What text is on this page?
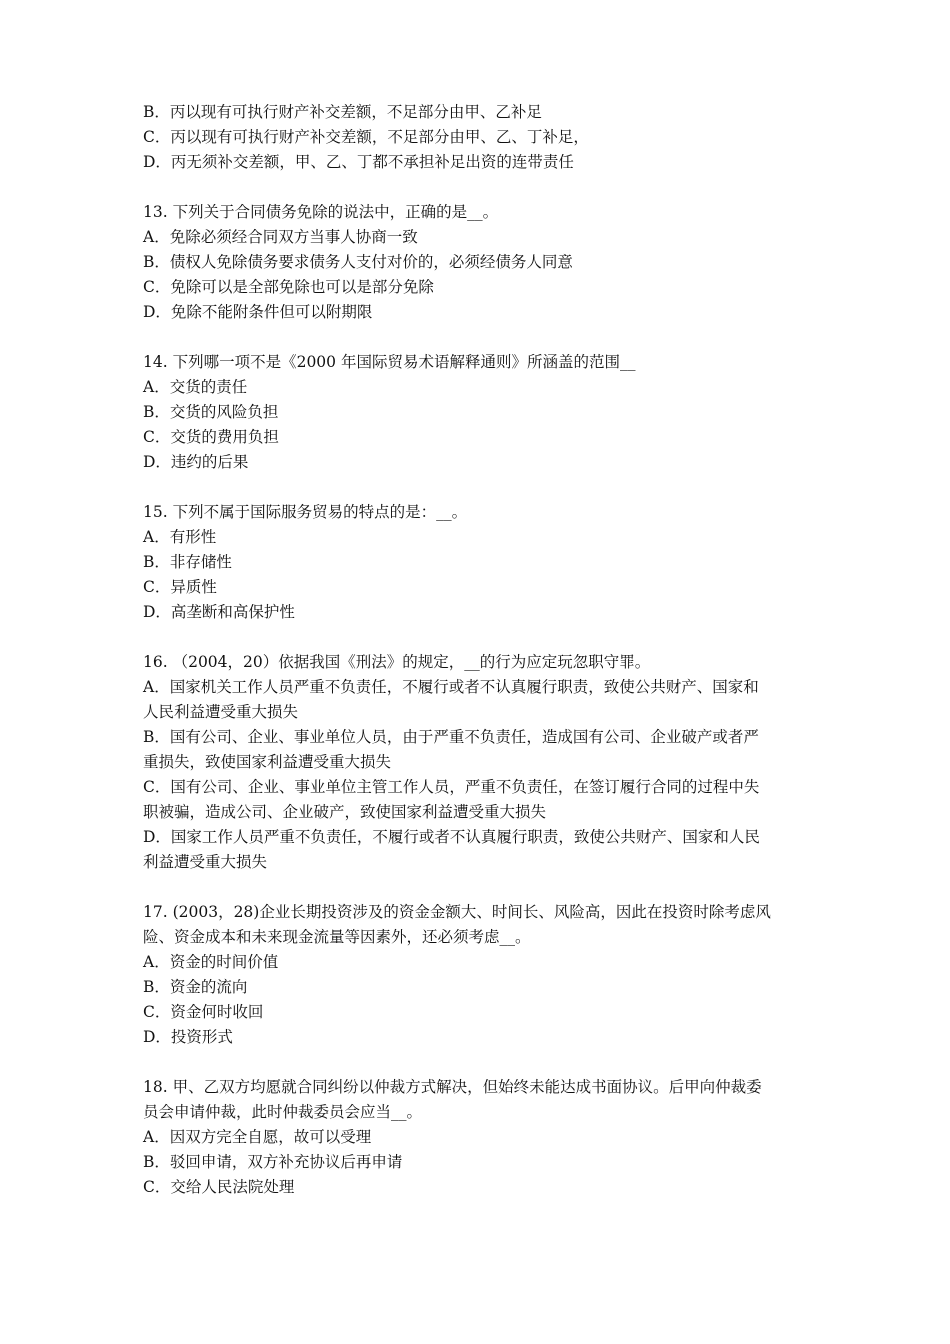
B．丙以现有可执行财产补交差额，不足部分由甲、乙补足
C．丙以现有可执行财产补交差额，不足部分由甲、乙、丁补足，
D．丙无须补交差额，甲、乙、丁都不承担补足出资的连带责任
13. 下列关于合同债务免除的说法中，正确的是__。
A．免除必须经合同双方当事人协商一致
B．债权人免除债务要求债务人支付对价的，必须经债务人同意
C．免除可以是全部免除也可以是部分免除
D．免除不能附条件但可以附期限
14. 下列哪一项不是《2000 年国际贸易术语解释通则》所涵盖的范围__
A．交货的责任
B．交货的风险负担
C．交货的费用负担
D．违约的后果
15. 下列不属于国际服务贸易的特点的是：__。
A．有形性
B．非存储性
C．异质性
D．高垄断和高保护性
16. （2004，20）依据我国《刑法》的规定，__的行为应定玩忽职守罪。
A．国家机关工作人员严重不负责任，不履行或者不认真履行职责，致使公共财产、国家和
人民利益遭受重大损失
B．国有公司、企业、事业单位人员，由于严重不负责任，造成国有公司、企业破产或者严
重损失，致使国家利益遭受重大损失
C．国有公司、企业、事业单位主管工作人员，严重不负责任，在签订履行合同的过程中失
职被骗，造成公司、企业破产，致使国家利益遭受重大损失
D．国家工作人员严重不负责任，不履行或者不认真履行职责，致使公共财产、国家和人民
利益遭受重大损失
17. (2003，28)企业长期投资涉及的资金金额大、时间长、风险高，因此在投资时除考虑风
险、资金成本和未来现金流量等因素外，还必须考虑__。
A．资金的时间价值
B．资金的流向
C．资金何时收回
D．投资形式
18. 甲、乙双方均愿就合同纠纷以仲裁方式解决，但始终未能达成书面协议。后甲向仲裁委
员会申请仲裁，此时仲裁委员会应当__。
A．因双方完全自愿，故可以受理
B．驳回申请，双方补充协议后再申请
C．交给人民法院处理
